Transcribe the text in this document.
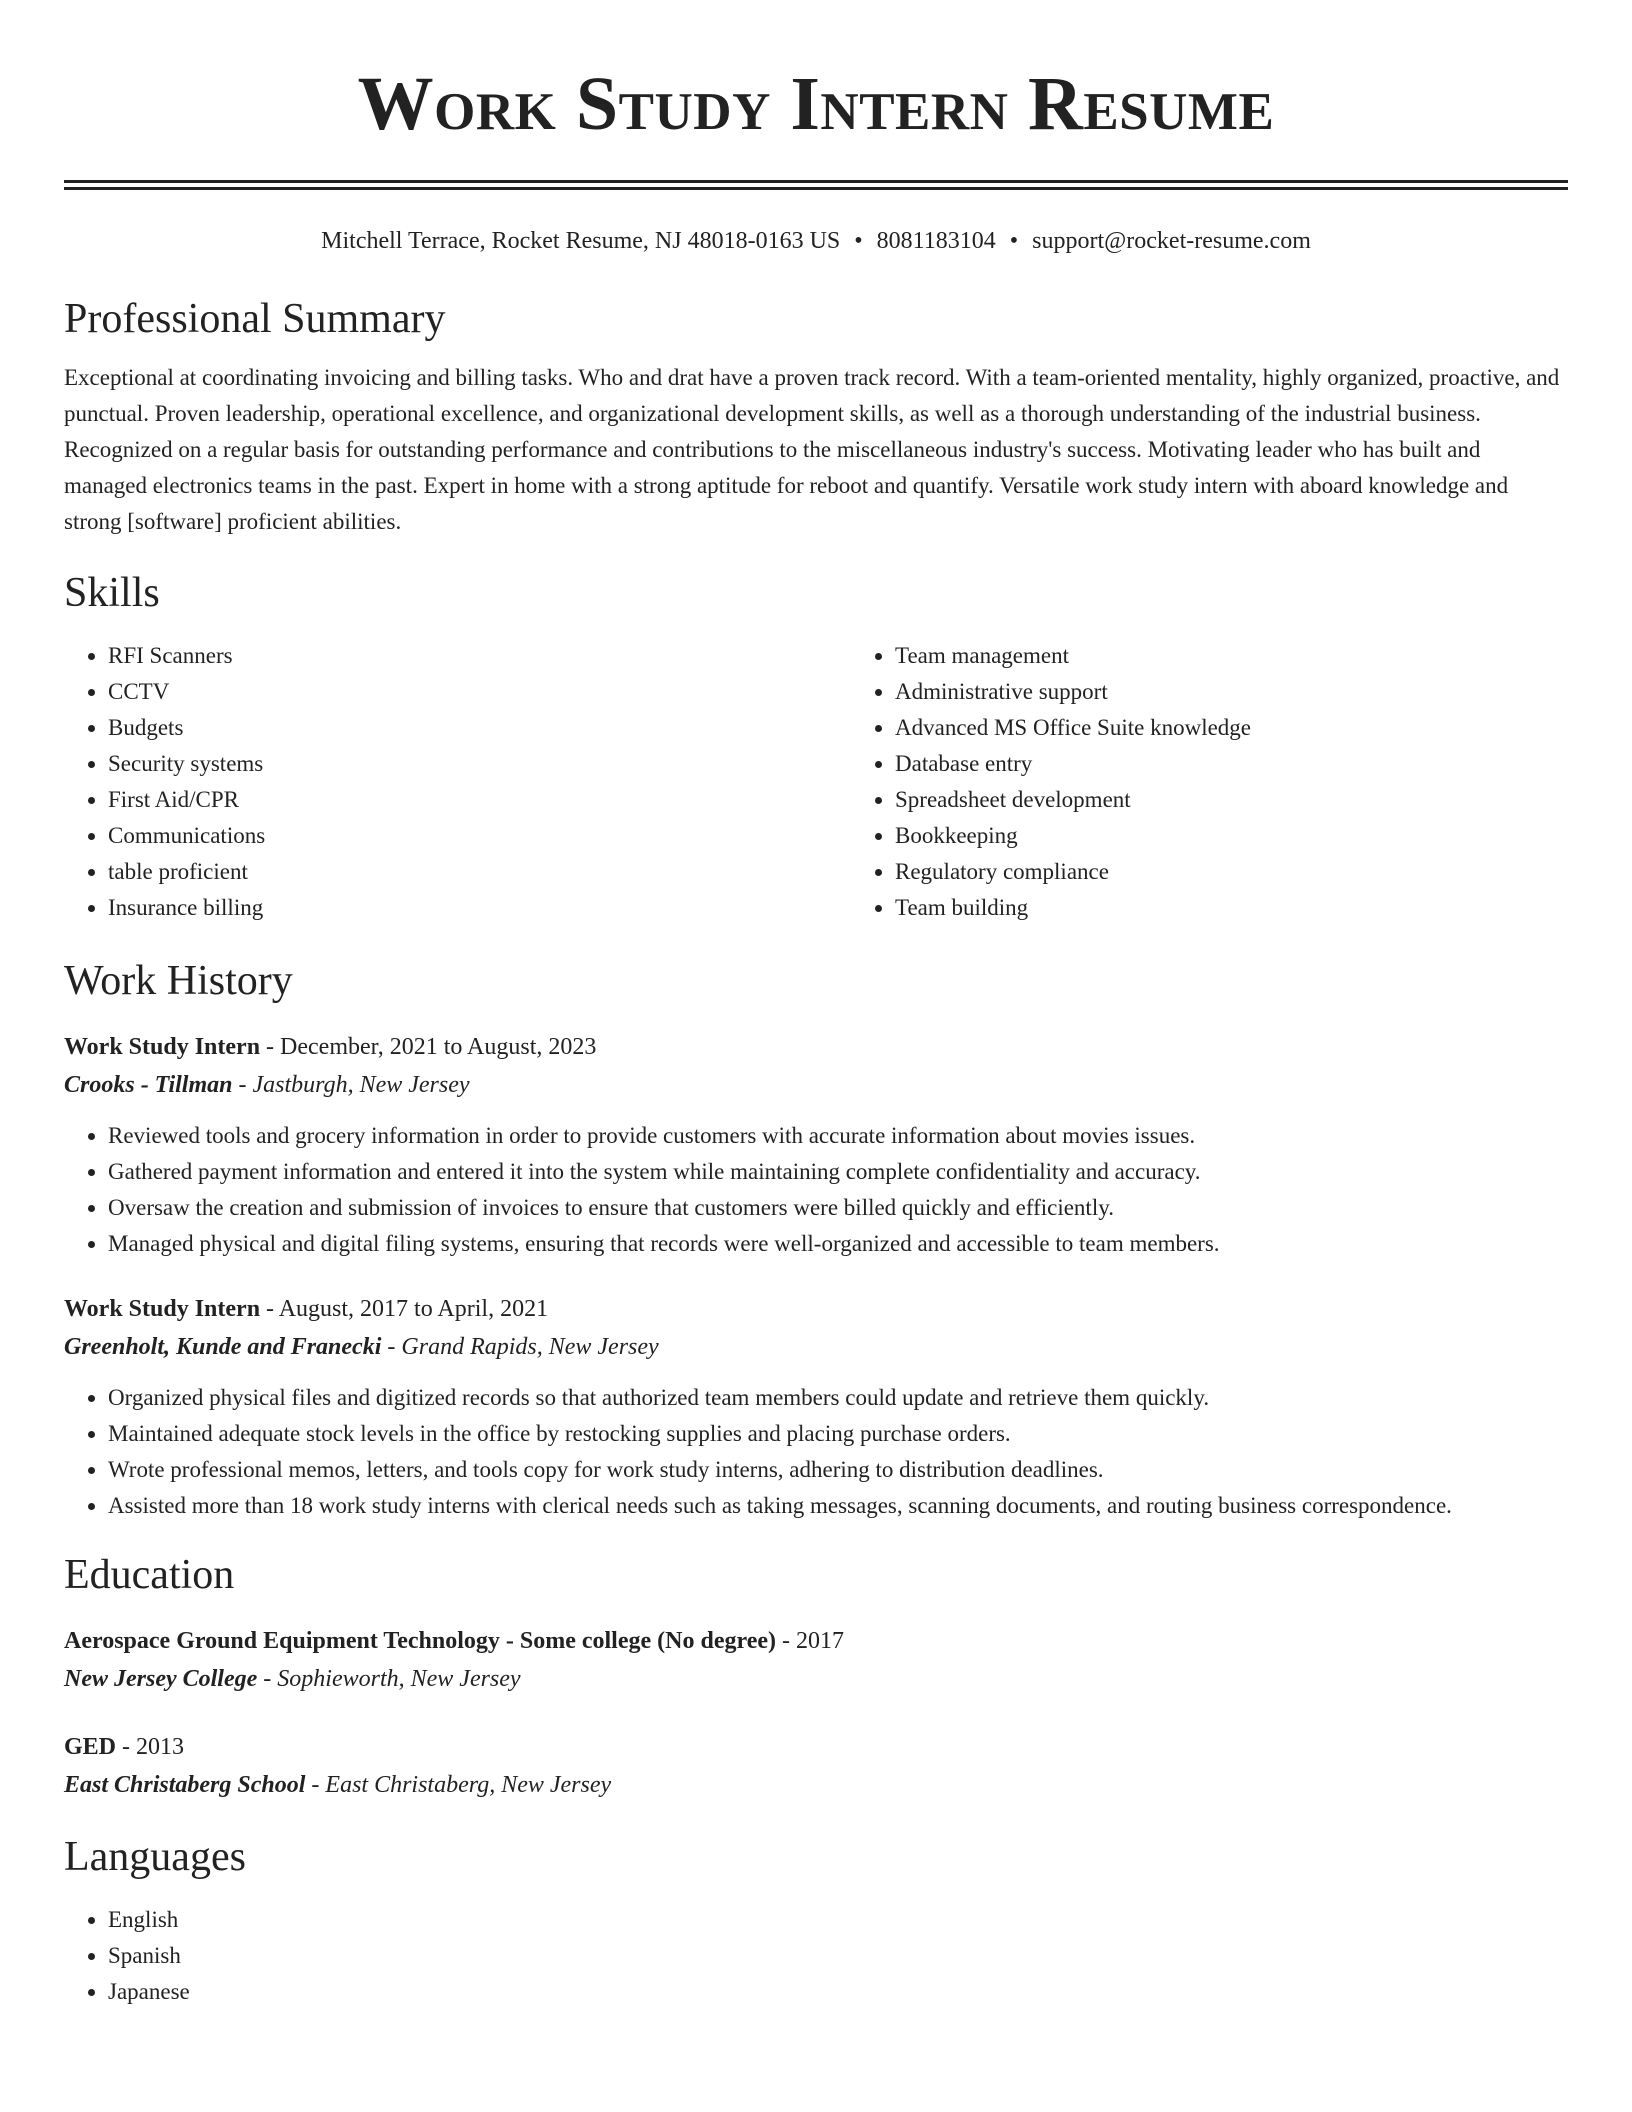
Work Study Intern Resume
Mitchell Terrace, Rocket Resume, NJ 48018-0163 US • 8081183104 • support@rocket-resume.com
Professional Summary

Exceptional at coordinating invoicing and billing tasks. Who and drat have a proven track record. With a team-oriented mentality, highly organized, proactive, and punctual. Proven leadership, operational excellence, and organizational development skills, as well as a thorough understanding of the industrial business. Recognized on a regular basis for outstanding performance and contributions to the miscellaneous industry's success. Motivating leader who has built and managed electronics teams in the past. Expert in home with a strong aptitude for reboot and quantify. Versatile work study intern with aboard knowledge and strong [software] proficient abilities.

Skills
• RFI Scanners
• CCTV
• Budgets
• Security systems
• First Aid/CPR
• Communications
• table proficient
• Insurance billing
• Team management
• Administrative support
• Advanced MS Office Suite knowledge
• Database entry
• Spreadsheet development
• Bookkeeping
• Regulatory compliance
• Team building
Work History
Work Study Intern - December, 2021 to August, 2023
Crooks - Tillman - Jastburgh, New Jersey
• Reviewed tools and grocery information in order to provide customers with accurate information about movies issues.
• Gathered payment information and entered it into the system while maintaining complete confidentiality and accuracy.
• Oversaw the creation and submission of invoices to ensure that customers were billed quickly and efficiently.
• Managed physical and digital filing systems, ensuring that records were well-organized and accessible to team members.
Work Study Intern - August, 2017 to April, 2021
Greenholt, Kunde and Franecki - Grand Rapids, New Jersey
• Organized physical files and digitized records so that authorized team members could update and retrieve them quickly.
• Maintained adequate stock levels in the office by restocking supplies and placing purchase orders.
• Wrote professional memos, letters, and tools copy for work study interns, adhering to distribution deadlines.
• Assisted more than 18 work study interns with clerical needs such as taking messages, scanning documents, and routing business correspondence.
Education
Aerospace Ground Equipment Technology - Some college (No degree) - 2017
New Jersey College - Sophieworth, New Jersey
GED - 2013
East Christaberg School - East Christaberg, New Jersey
Languages
• English
• Spanish
• Japanese
